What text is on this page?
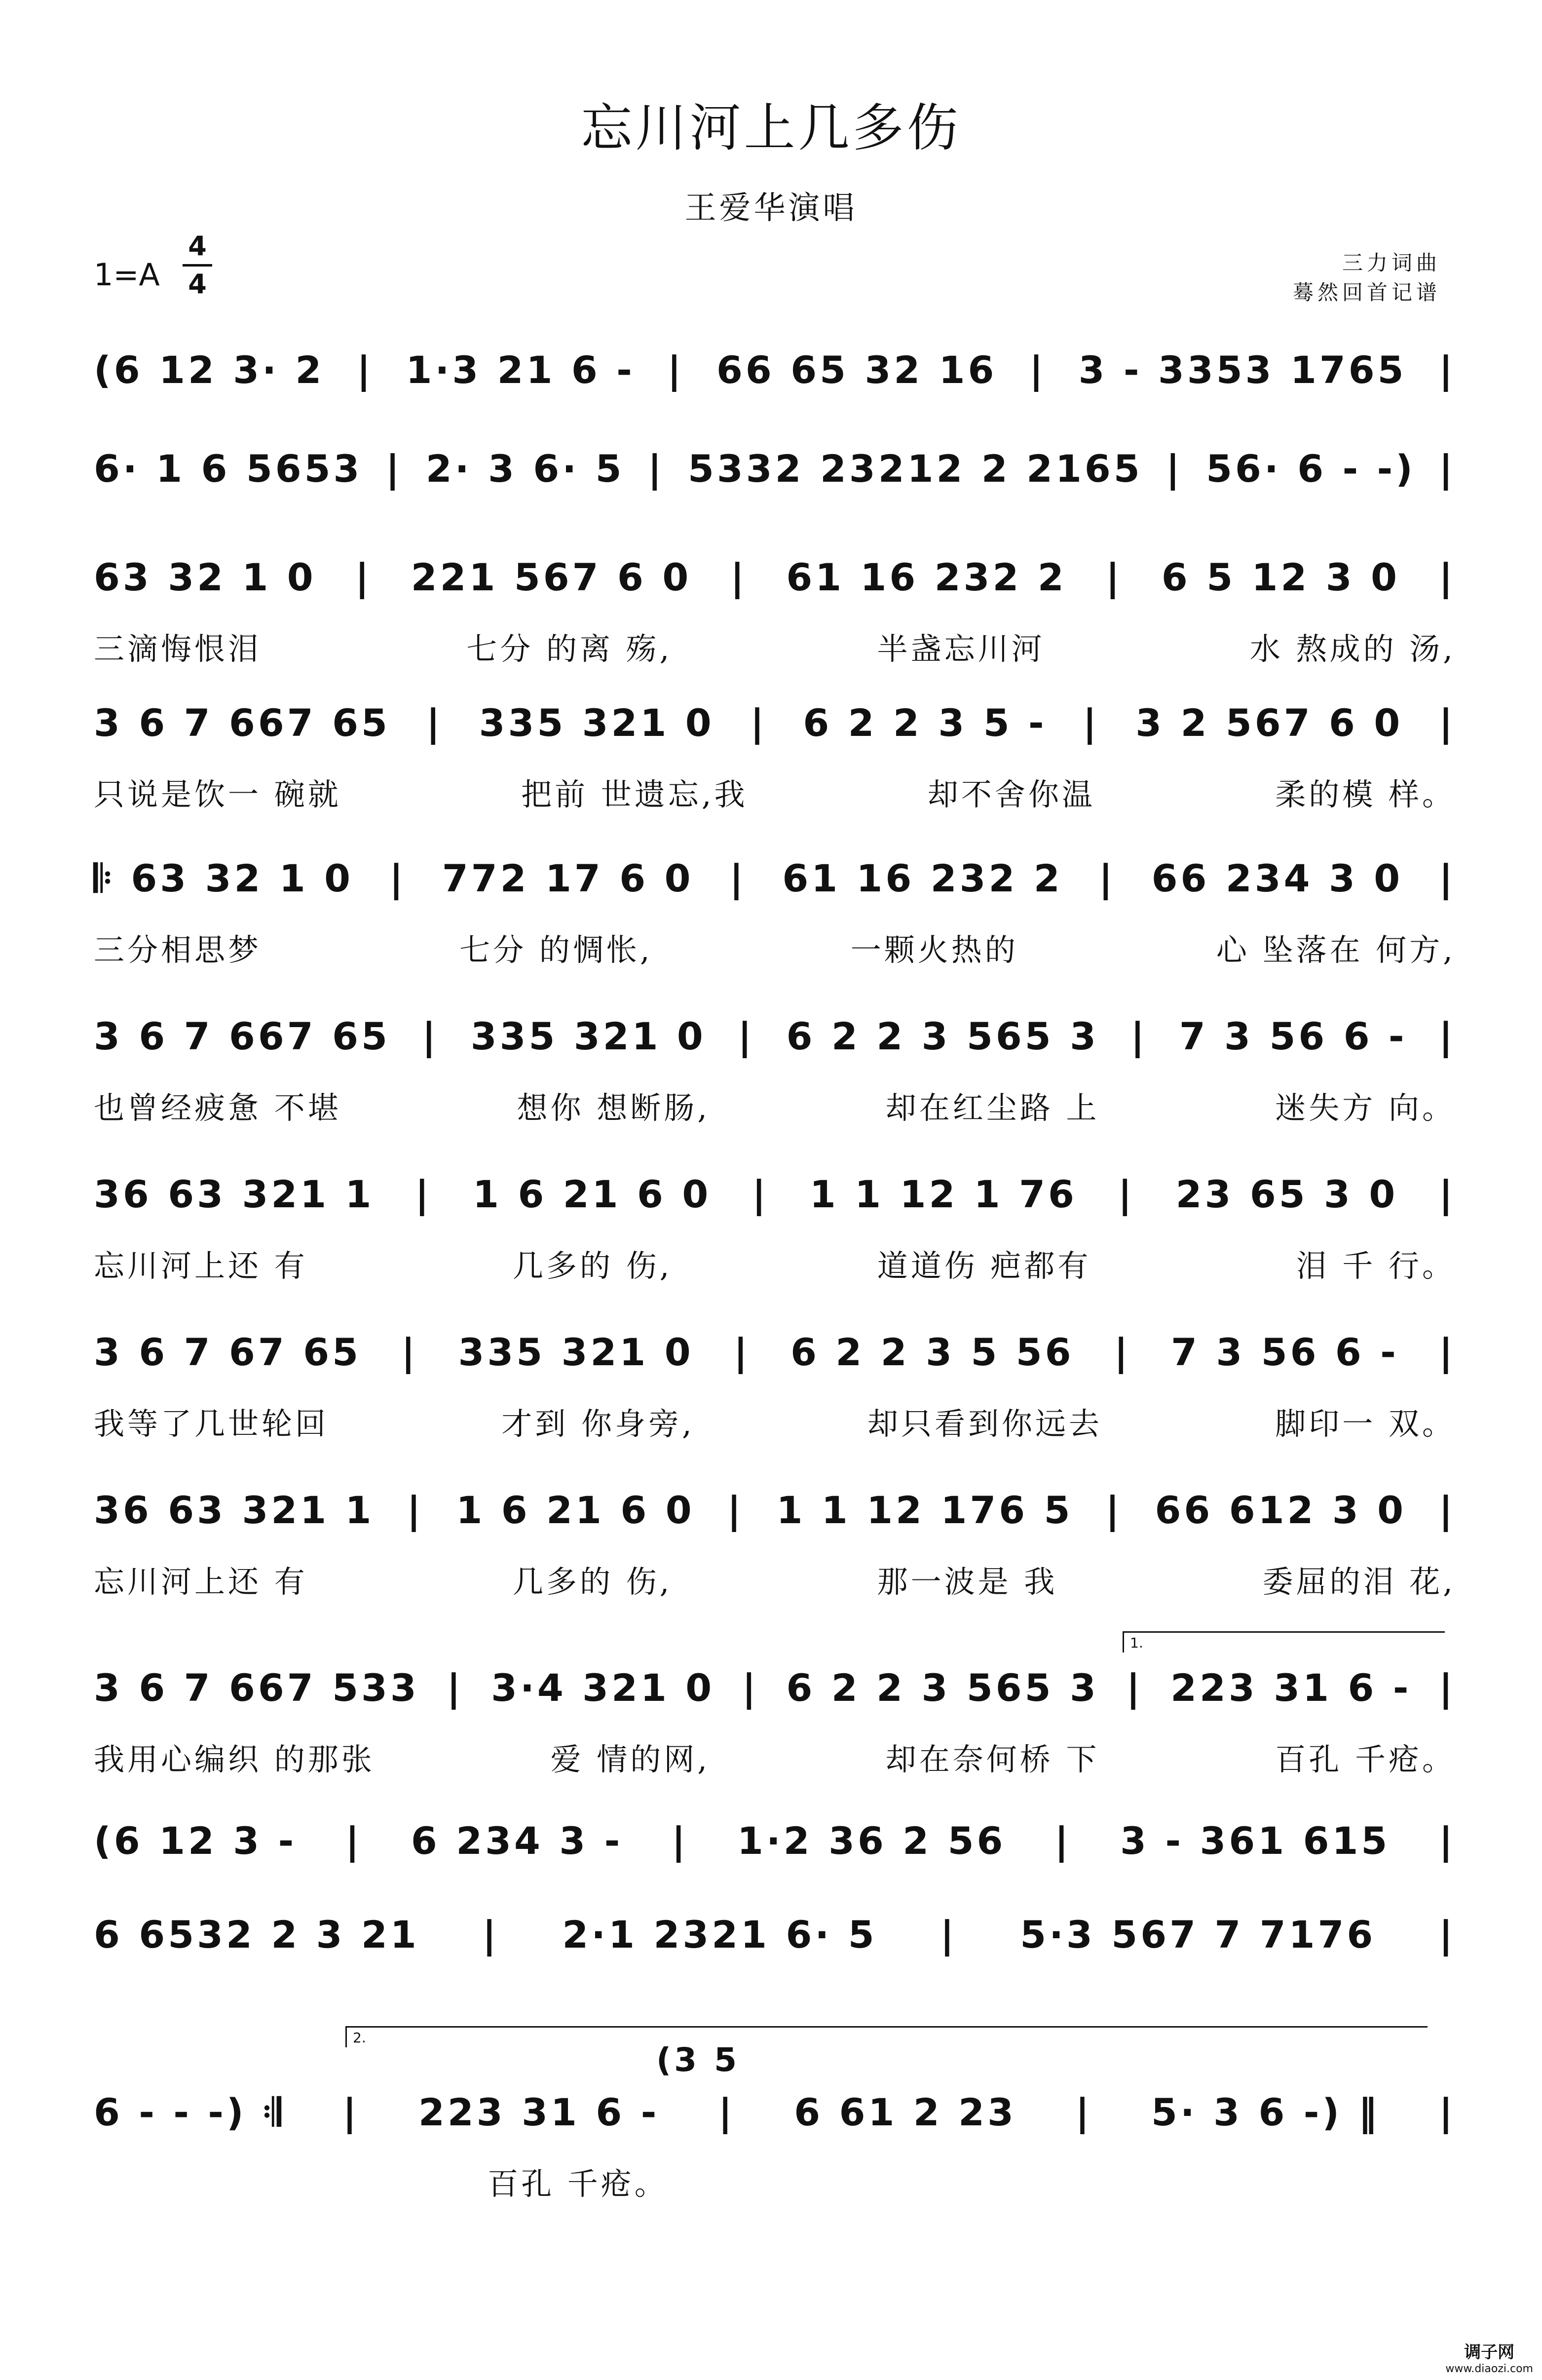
忘川河上几多伤
王爱华演唱
1=A
4
4
三力词曲
蓦然回首记谱
(6 12 3· 2 | 1·3 21 6 - | 66 65 32 16 | 3 - 3353 1765 |
6· 1 6 5653 | 2· 3 6· 5 | 5332 23212 2 2165 | 56· 6 - -) |
63 32 1 0 | 221 567 6 0 | 61 16 232 2 | 6 5 12 3 0 |
三滴悔恨泪	七分 的离 殇,	半盏忘川河	水 熬成的 汤,
3 6 7 667 65 | 335 321 0 | 6 2 2 3 5 - | 3 2 567 6 0 |
只说是饮一 碗就	把前 世遗忘,我	却不舍你温	柔的模 样。
𝄆 63 32 1 0 | 772 17 6 0 | 61 16 232 2 | 66 234 3 0 |
三分相思梦	七分 的惆怅,	一颗火热的	心 坠落在 何方,
3 6 7 667 65 | 335 321 0 | 6 2 2 3 565 3 | 7 3 56 6 - |
也曾经疲惫 不堪	想你 想断肠,	却在红尘路 上	迷失方 向。
36 63 321 1 | 1 6 21 6 0 | 1 1 12 1 76 | 23 65 3 0 |
忘川河上还 有	几多的 伤,	道道伤 疤都有	泪 千 行。
3 6 7 67 65 | 335 321 0 | 6 2 2 3 5 56 | 7 3 56 6 - |
我等了几世轮回	才到 你身旁,	却只看到你远去	脚印一 双。
36 63 321 1 | 1 6 21 6 0 | 1 1 12 176 5 | 66 612 3 0 |
忘川河上还 有	几多的 伤,	那一波是 我	委屈的泪 花,
3 6 7 667 533 | 3·4 321 0 | 6 2 2 3 565 3 | 223 31 6 - |
我用心编织 的那张	爱 情的网,	却在奈何桥 下	百孔 千疮。
(6 12 3 - | 6 234 3 - | 1·2 36 2 56 | 3 - 361 615 |
6 6532 2 3 21 | 2·1 2321 6· 5 | 5·3 567 7 7176 |
6 - - -) 𝄇 | 223 31 6 - | 6 61 2 23 | 5· 3 6 -) ‖ |
百孔 千疮。
1.
2.
(3 5
调子网
www.diaozi.com
